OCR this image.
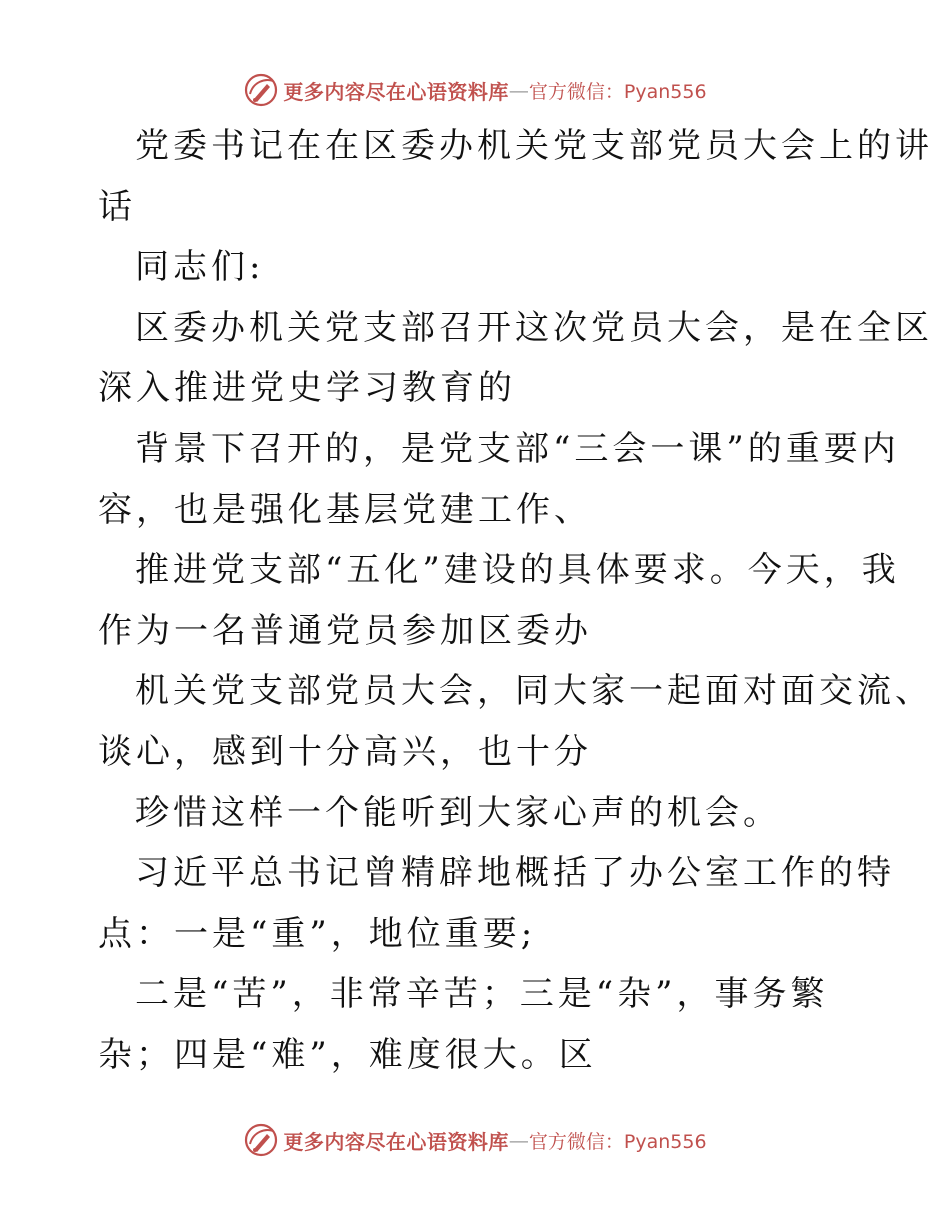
更多内容尽在心语资料库 — 官方微信：Pyan556
党委书记在在区委办机关党支部党员大会上的讲
话
同志们:
区委办机关党支部召开这次党员大会，是在全区
深入推进党史学习教育的
背景下召开的，是党支部“三会一课”的重要内
容，也是强化基层党建工作、
推进党支部“五化”建设的具体要求。今天，我
作为一名普通党员参加区委办
机关党支部党员大会，同大家一起面对面交流、
谈心，感到十分高兴，也十分
珍惜这样一个能听到大家心声的机会。
习近平总书记曾精辟地概括了办公室工作的特
点：一是“重”，地位重要;
二是“苦”，非常辛苦；三是“杂”，事务繁
杂；四是“难”，难度很大。区
更多内容尽在心语资料库 — 官方微信：Pyan556
